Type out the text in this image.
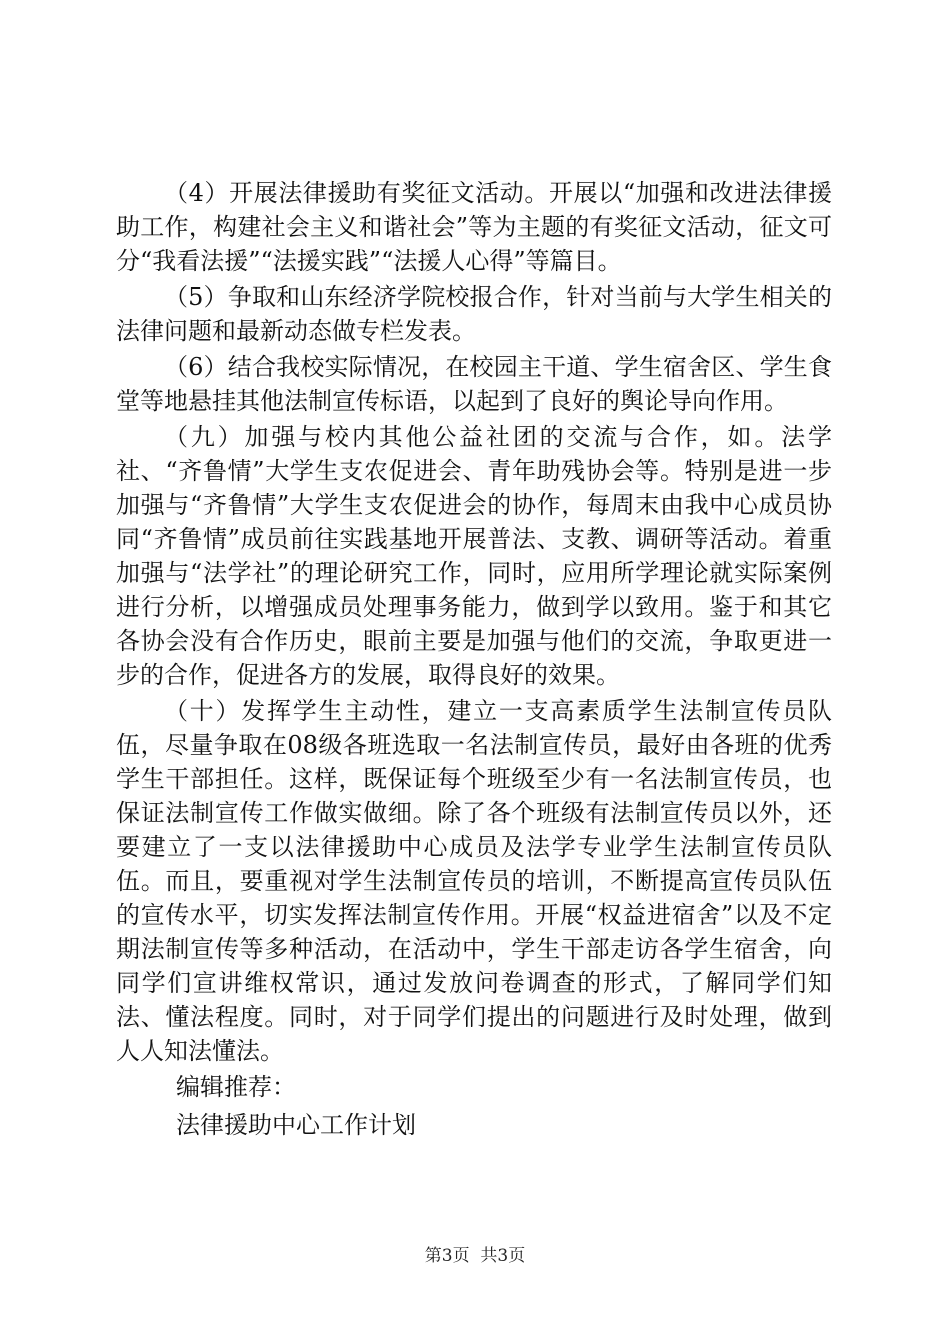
（4）开展法律援助有奖征文活动。开展以“加强和改进法律援助工作，构建社会主义和谐社会”等为主题的有奖征文活动，征文可分“我看法援”“法援实践”“法援人心得”等篇目。

（5）争取和山东经济学院校报合作，针对当前与大学生相关的法律问题和最新动态做专栏发表。

（6）结合我校实际情况，在校园主干道、学生宿舍区、学生食堂等地悬挂其他法制宣传标语，以起到了良好的舆论导向作用。

（九）加强与校内其他公益社团的交流与合作，如。法学社、“齐鲁情”大学生支农促进会、青年助残协会等。特别是进一步加强与“齐鲁情”大学生支农促进会的协作，每周末由我中心成员协同“齐鲁情”成员前往实践基地开展普法、支教、调研等活动。着重加强与“法学社”的理论研究工作，同时，应用所学理论就实际案例进行分析，以增强成员处理事务能力，做到学以致用。鉴于和其它各协会没有合作历史，眼前主要是加强与他们的交流，争取更进一步的合作，促进各方的发展，取得良好的效果。

（十）发挥学生主动性，建立一支高素质学生法制宣传员队伍，尽量争取在08级各班选取一名法制宣传员，最好由各班的优秀学生干部担任。这样，既保证每个班级至少有一名法制宣传员，也保证法制宣传工作做实做细。除了各个班级有法制宣传员以外，还要建立了一支以法律援助中心成员及法学专业学生法制宣传员队伍。而且，要重视对学生法制宣传员的培训，不断提高宣传员队伍的宣传水平，切实发挥法制宣传作用。开展“权益进宿舍”以及不定期法制宣传等多种活动，在活动中，学生干部走访各学生宿舍，向同学们宣讲维权常识，通过发放问卷调查的形式，了解同学们知法、懂法程度。同时，对于同学们提出的问题进行及时处理，做到人人知法懂法。

编辑推荐：
法律援助中心工作计划
第3页  共3页
